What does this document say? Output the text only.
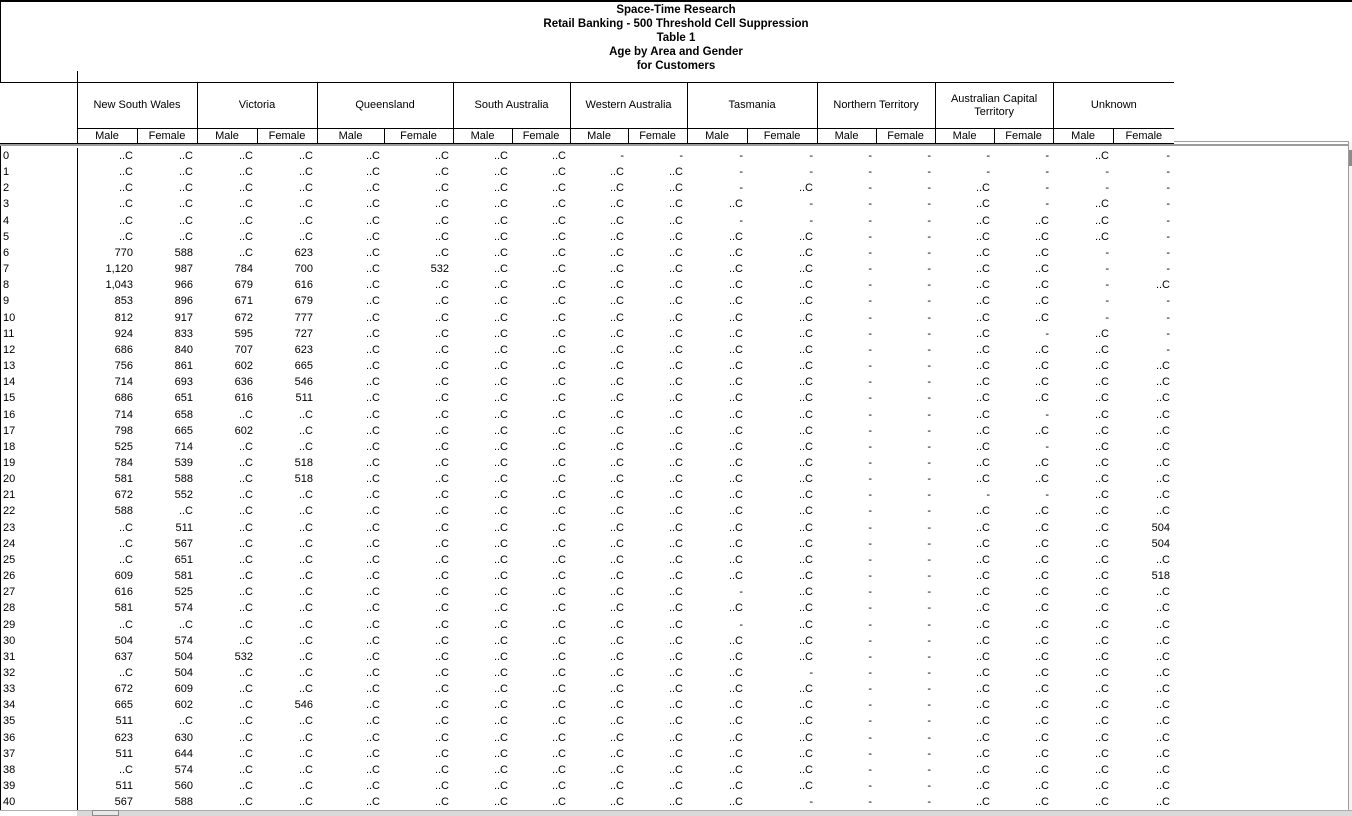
Space-Time Research
Retail Banking - 500 Threshold Cell Suppression
Table 1
Age by Area and Gender
for Customers
	New South Wales		Victoria		Queensland		South Australia		Western Australia		Tasmania		Northern Territory		Australian Capital Territory		Unknown	
	Male	Female	Male	Female	Male	Female	Male	Female	Male	Female	Male	Female	Male	Female	Male	Female	Male	Female
0	..C	..C	..C	..C	..C	..C	..C	..C	-	-	-	-	-	-	-	-	..C	-
1	..C	..C	..C	..C	..C	..C	..C	..C	..C	..C	-	-	-	-	-	-	-	-
2	..C	..C	..C	..C	..C	..C	..C	..C	..C	..C	-	..C	-	-	..C	-	-	-
3	..C	..C	..C	..C	..C	..C	..C	..C	..C	..C	..C	-	-	-	..C	-	..C	-
4	..C	..C	..C	..C	..C	..C	..C	..C	..C	..C	-	-	-	-	..C	..C	..C	-
5	..C	..C	..C	..C	..C	..C	..C	..C	..C	..C	..C	..C	-	-	..C	..C	..C	-
6	770	588	..C	623	..C	..C	..C	..C	..C	..C	..C	..C	-	-	..C	..C	-	-
7	1,120	987	784	700	..C	532	..C	..C	..C	..C	..C	..C	-	-	..C	..C	-	-
8	1,043	966	679	616	..C	..C	..C	..C	..C	..C	..C	..C	-	-	..C	..C	-	..C
9	853	896	671	679	..C	..C	..C	..C	..C	..C	..C	..C	-	-	..C	..C	-	-
10	812	917	672	777	..C	..C	..C	..C	..C	..C	..C	..C	-	-	..C	..C	-	-
11	924	833	595	727	..C	..C	..C	..C	..C	..C	..C	..C	-	-	..C	-	..C	-
12	686	840	707	623	..C	..C	..C	..C	..C	..C	..C	..C	-	-	..C	..C	..C	-
13	756	861	602	665	..C	..C	..C	..C	..C	..C	..C	..C	-	-	..C	..C	..C	..C
14	714	693	636	546	..C	..C	..C	..C	..C	..C	..C	..C	-	-	..C	..C	..C	..C
15	686	651	616	511	..C	..C	..C	..C	..C	..C	..C	..C	-	-	..C	..C	..C	..C
16	714	658	..C	..C	..C	..C	..C	..C	..C	..C	..C	..C	-	-	..C	-	..C	..C
17	798	665	602	..C	..C	..C	..C	..C	..C	..C	..C	..C	-	-	..C	..C	..C	..C
18	525	714	..C	..C	..C	..C	..C	..C	..C	..C	..C	..C	-	-	..C	-	..C	..C
19	784	539	..C	518	..C	..C	..C	..C	..C	..C	..C	..C	-	-	..C	..C	..C	..C
20	581	588	..C	518	..C	..C	..C	..C	..C	..C	..C	..C	-	-	..C	..C	..C	..C
21	672	552	..C	..C	..C	..C	..C	..C	..C	..C	..C	..C	-	-	-	-	..C	..C
22	588	..C	..C	..C	..C	..C	..C	..C	..C	..C	..C	..C	-	-	..C	..C	..C	..C
23	..C	511	..C	..C	..C	..C	..C	..C	..C	..C	..C	..C	-	-	..C	..C	..C	504
24	..C	567	..C	..C	..C	..C	..C	..C	..C	..C	..C	..C	-	-	..C	..C	..C	504
25	..C	651	..C	..C	..C	..C	..C	..C	..C	..C	..C	..C	-	-	..C	..C	..C	..C
26	609	581	..C	..C	..C	..C	..C	..C	..C	..C	..C	..C	-	-	..C	..C	..C	518
27	616	525	..C	..C	..C	..C	..C	..C	..C	..C	-	..C	-	-	..C	..C	..C	..C
28	581	574	..C	..C	..C	..C	..C	..C	..C	..C	..C	..C	-	-	..C	..C	..C	..C
29	..C	..C	..C	..C	..C	..C	..C	..C	..C	..C	-	..C	-	-	..C	..C	..C	..C
30	504	574	..C	..C	..C	..C	..C	..C	..C	..C	..C	..C	-	-	..C	..C	..C	..C
31	637	504	532	..C	..C	..C	..C	..C	..C	..C	..C	..C	-	-	..C	..C	..C	..C
32	..C	504	..C	..C	..C	..C	..C	..C	..C	..C	..C	-	-	-	..C	..C	..C	..C
33	672	609	..C	..C	..C	..C	..C	..C	..C	..C	..C	..C	-	-	..C	..C	..C	..C
34	665	602	..C	546	..C	..C	..C	..C	..C	..C	..C	..C	-	-	..C	..C	..C	..C
35	511	..C	..C	..C	..C	..C	..C	..C	..C	..C	..C	..C	-	-	..C	..C	..C	..C
36	623	630	..C	..C	..C	..C	..C	..C	..C	..C	..C	..C	-	-	..C	..C	..C	..C
37	511	644	..C	..C	..C	..C	..C	..C	..C	..C	..C	..C	-	-	..C	..C	..C	..C
38	..C	574	..C	..C	..C	..C	..C	..C	..C	..C	..C	..C	-	-	..C	..C	..C	..C
39	511	560	..C	..C	..C	..C	..C	..C	..C	..C	..C	..C	-	-	..C	..C	..C	..C
40	567	588	..C	..C	..C	..C	..C	..C	..C	..C	..C	-	-	-	..C	..C	..C	..C
